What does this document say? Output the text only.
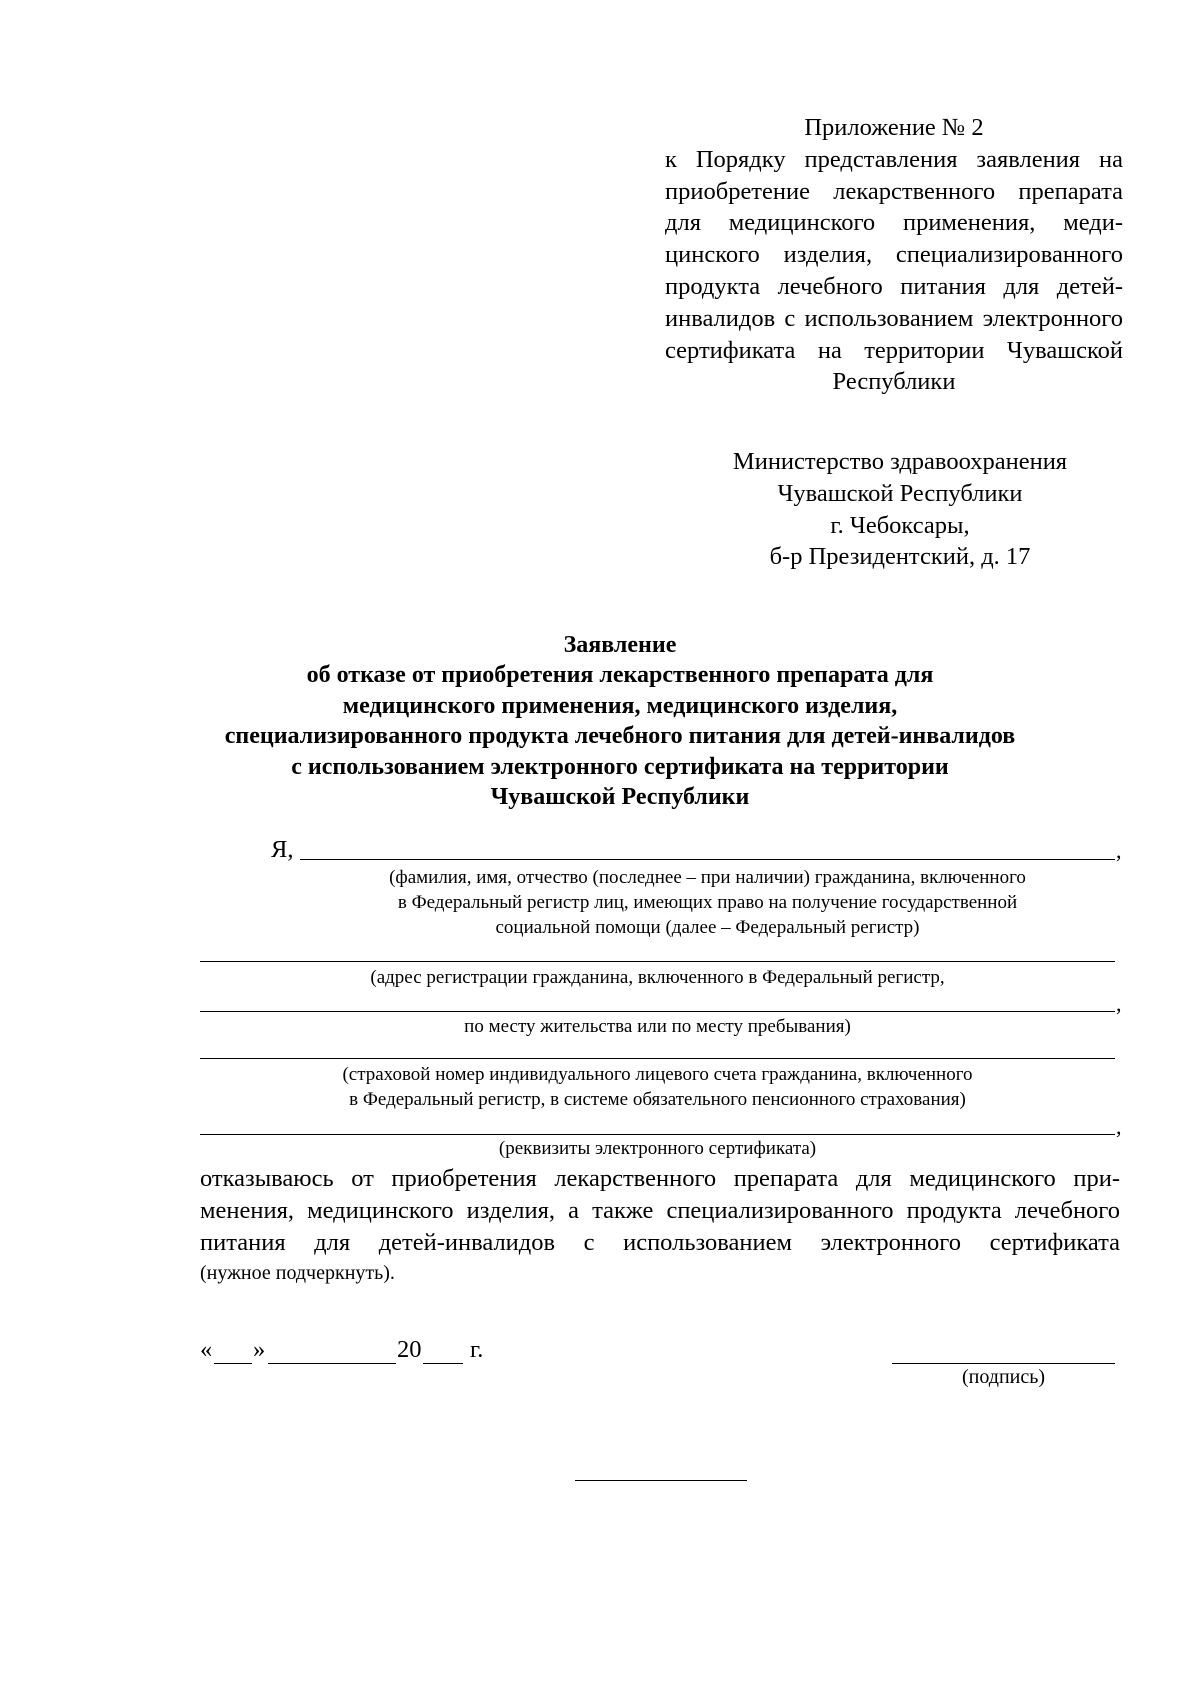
Приложение № 2
к Порядку представления заявления на приобретение лекарственного препарата для медицинского применения, медицинского изделия, специализированного продукта лечебного питания для детей-инвалидов с использованием электронного сертификата на территории Чувашской Республики
Министерство здравоохранения
Чувашской Республики
г. Чебоксары,
б-р Президентский, д. 17
Заявление
об отказе от приобретения лекарственного препарата для
медицинского применения, медицинского изделия,
специализированного продукта лечебного питания для детей-инвалидов
с использованием электронного сертификата на территории
Чувашской Республики
Я,	,
(фамилия, имя, отчество (последнее – при наличии) гражданина, включенного
в Федеральный регистр лиц, имеющих право на получение государственной
социальной помощи (далее – Федеральный регистр)
(адрес регистрации гражданина, включенного в Федеральный регистр,
,
по месту жительства или по месту пребывания)
(страховой номер индивидуального лицевого счета гражданина, включенного
в Федеральный регистр, в системе обязательного пенсионного страхования)
,
(реквизиты электронного сертификата)
отказываюсь от приобретения лекарственного препарата для медицинского применения, медицинского изделия, а также специализированного продукта лечебного питания для детей-инвалидов с использованием электронного сертификата
(нужное подчеркнуть).
« »	20 г.
(подпись)
